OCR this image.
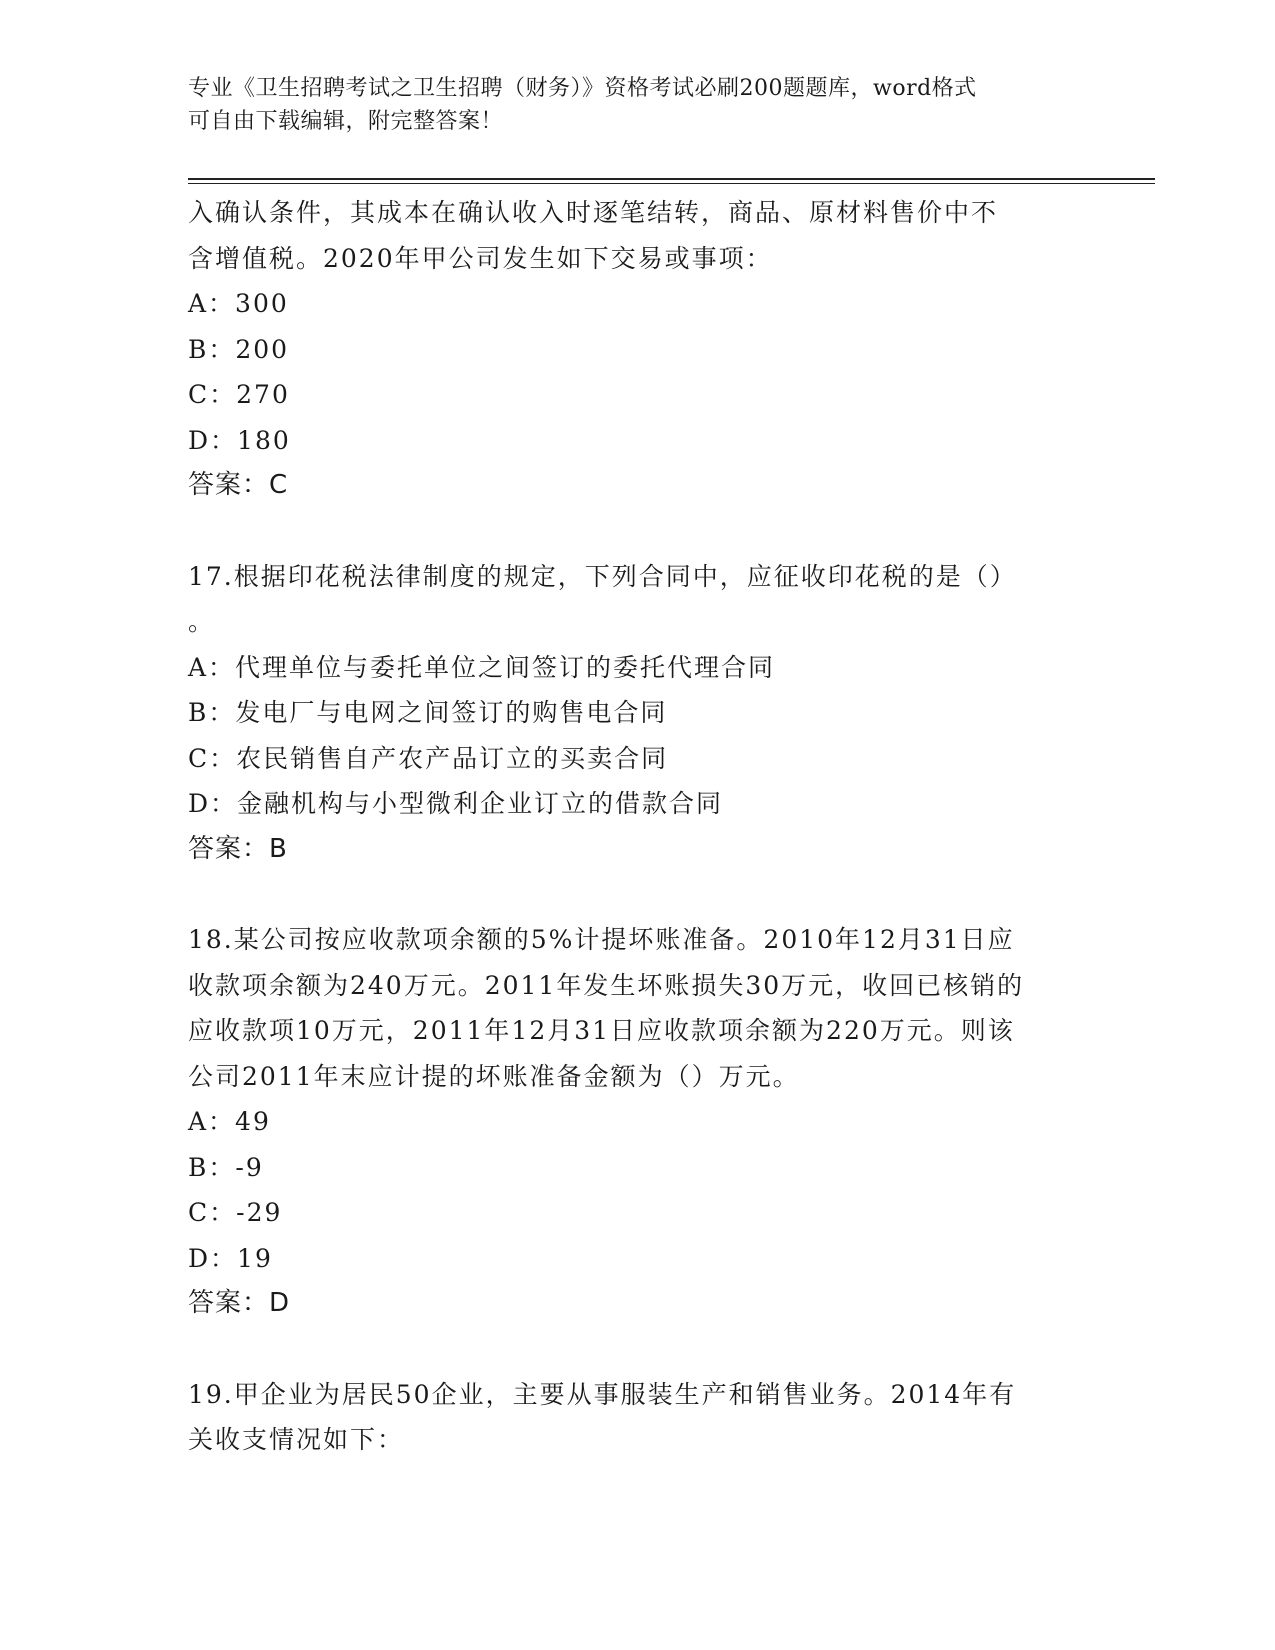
专业《卫生招聘考试之卫生招聘（财务）》资格考试必刷200题题库，word格式
可自由下载编辑，附完整答案！
入确认条件，其成本在确认收入时逐笔结转，商品、原材料售价中不
含增值税。2020年甲公司发生如下交易或事项：
A：300
B：200
C：270
D：180
答案：C
17.根据印花税法律制度的规定，下列合同中，应征收印花税的是（）
。
A：代理单位与委托单位之间签订的委托代理合同
B：发电厂与电网之间签订的购售电合同
C：农民销售自产农产品订立的买卖合同
D：金融机构与小型微利企业订立的借款合同
答案：B
18.某公司按应收款项余额的5%计提坏账准备。2010年12月31日应
收款项余额为240万元。2011年发生坏账损失30万元，收回已核销的
应收款项10万元，2011年12月31日应收款项余额为220万元。则该
公司2011年末应计提的坏账准备金额为（）万元。
A：49
B：-9
C：-29
D：19
答案：D
19.甲企业为居民50企业，主要从事服装生产和销售业务。2014年有
关收支情况如下：
